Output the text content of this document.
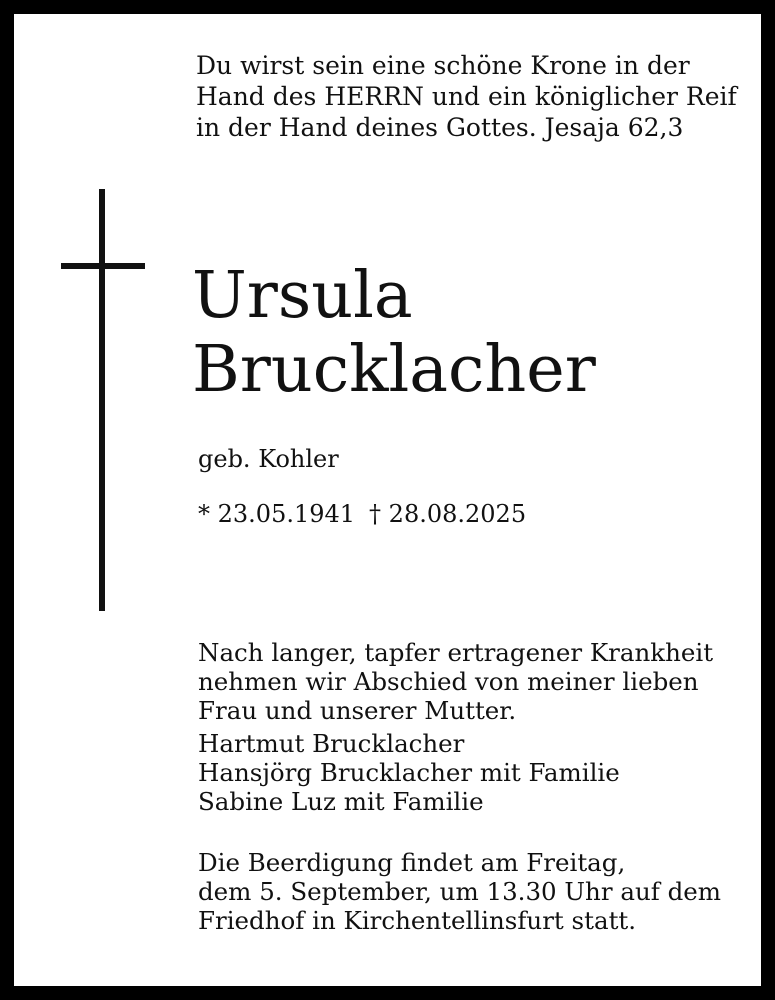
Du wirst sein eine schöne Krone in der
Hand des HERRN und ein königlicher Reif
in der Hand deines Gottes. Jesaja 62,3

Ursula
Brucklacher

geb. Kohler

* 23.05.1941 † 28.08.2025

Nach langer, tapfer ertragener Krankheit
nehmen wir Abschied von meiner lieben
Frau und unserer Mutter.

Hartmut Brucklacher
Hansjörg Brucklacher mit Familie
Sabine Luz mit Familie

Die Beerdigung findet am Freitag,
dem 5. September, um 13.30 Uhr auf dem
Friedhof in Kirchentellinsfurt statt.
